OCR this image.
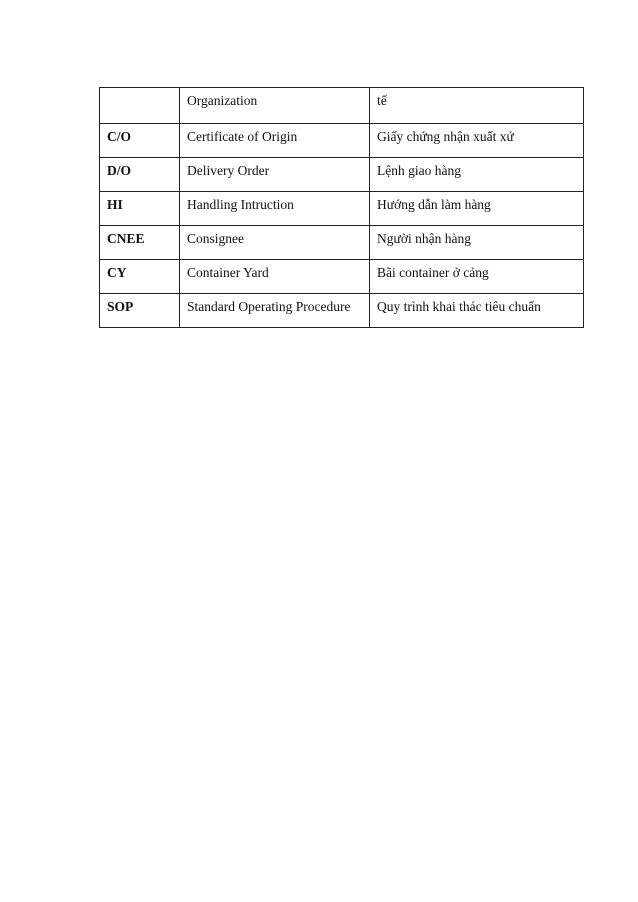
	Organization	tế
C/O	Certificate of Origin	Giấy chứng nhận xuất xứ
D/O	Delivery Order	Lệnh giao hàng
HI	Handling Intruction	Hướng dẫn làm hàng
CNEE	Consignee	Người nhận hàng
CY	Container Yard	Bãi container ở cảng
SOP	Standard Operating Procedure	Quy trình khai thác tiêu chuẩn
